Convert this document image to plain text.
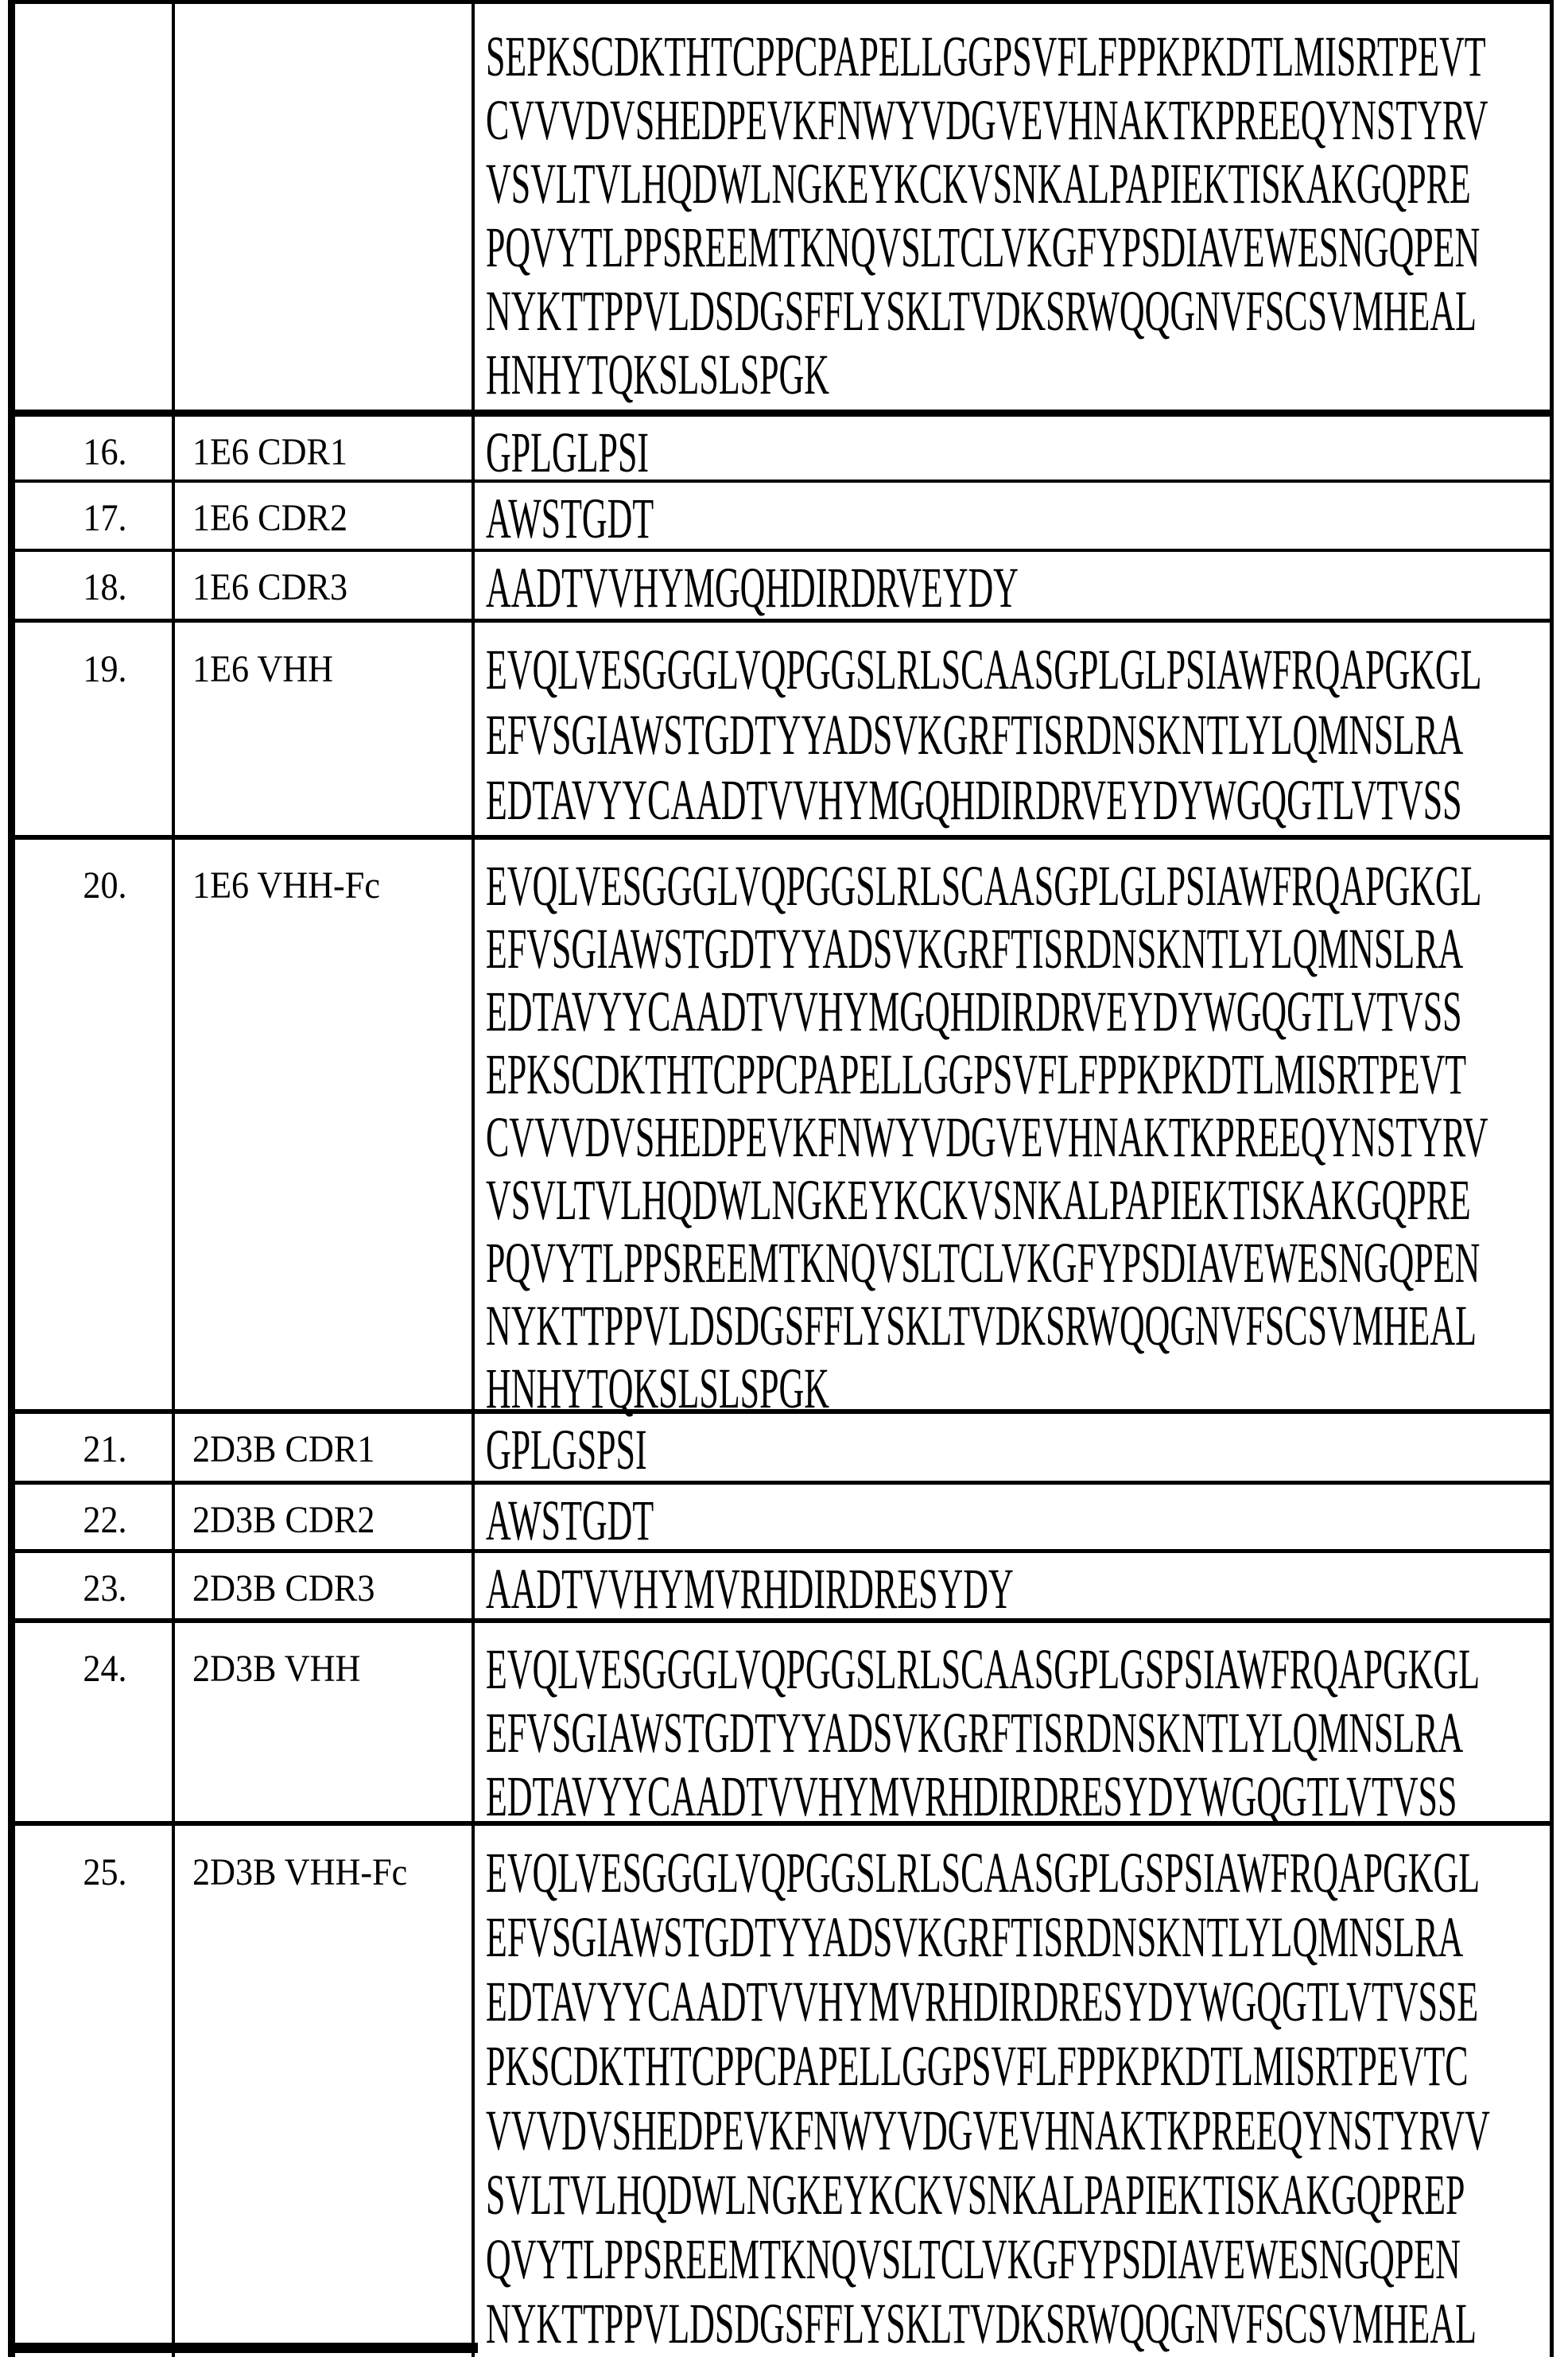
SEPKSCDKTHTCPPCPAPELLGGPSVFLFPPKPKDTLMISRTPEVT
CVVVDVSHEDPEVKFNWYVDGVEVHNAKTKPREEQYNSTYRV
VSVLTVLHQDWLNGKEYKCKVSNKALPAPIEKTISKAKGQPRE
PQVYTLPPSREEMTKNQVSLTCLVKGFYPSDIAVEWESNGQPEN
NYKTTPPVLDSDGSFFLYSKLTVDKSRWQQGNVFSCSVMHEAL
HNHYTQKSLSLSPGK
16. 1E6 CDR1 GPLGLPSI
17. 1E6 CDR2 AWSTGDT
18. 1E6 CDR3 AADTVVHYMGQHDIRDRVEYDY
19. 1E6 VHH	EVQLVESGGGLVQPGGSLRLSCAASGPLGLPSIAWFRQAPGKGL
EFVSGIAWSTGDTYYADSVKGRFTISRDNSKNTLYLQMNSLRA
EDTAVYYCAADTVVHYMGQHDIRDRVEYDYWGQGTLVTVSS
20. 1E6 VHH-Fc EVQLVESGGGLVQPGGSLRLSCAASGPLGLPSIAWFRQAPGKGL
EFVSGIAWSTGDTYYADSVKGRFTISRDNSKNTLYLQMNSLRA
EDTAVYYCAADTVVHYMGQHDIRDRVEYDYWGQGTLVTVSS
EPKSCDKTHTCPPCPAPELLGGPSVFLFPPKPKDTLMISRTPEVT
CVVVDVSHEDPEVKFNWYVDGVEVHNAKTKPREEQYNSTYRV
VSVLTVLHQDWLNGKEYKCKVSNKALPAPIEKTISKAKGQPRE
PQVYTLPPSREEMTKNQVSLTCLVKGFYPSDIAVEWESNGQPEN
NYKTTPPVLDSDGSFFLYSKLTVDKSRWQQGNVFSCSVMHEAL
HNHYTQKSLSLSPGK
21. 2D3B CDR1 GPLGSPSI
22. 2D3B CDR2 AWSTGDT
23. 2D3B CDR3 AADTVVHYMVRHDIRDRESYDY
24. 2D3B VHH EVQLVESGGGLVQPGGSLRLSCAASGPLGSPSIAWFRQAPGKGL
EFVSGIAWSTGDTYYADSVKGRFTISRDNSKNTLYLQMNSLRA
EDTAVYYCAADTVVHYMVRHDIRDRESYDYWGQGTLVTVSS
25. 2D3B VHH-Fc EVQLVESGGGLVQPGGSLRLSCAASGPLGSPSIAWFRQAPGKGL
EFVSGIAWSTGDTYYADSVKGRFTISRDNSKNTLYLQMNSLRA
EDTAVYYCAADTVVHYMVRHDIRDRESYDYWGQGTLVTVSSE
PKSCDKTHTCPPCPAPELLGGPSVFLFPPKPKDTLMISRTPEVTC
VVVDVSHEDPEVKFNWYVDGVEVHNAKTKPREEQYNSTYRVV
SVLTVLHQDWLNGKEYKCKVSNKALPAPIEKTISKAKGQPREP
QVYTLPPSREEMTKNQVSLTCLVKGFYPSDIAVEWESNGQPEN
NYKTTPPVLDSDGSFFLYSKLTVDKSRWQQGNVFSCSVMHEAL
